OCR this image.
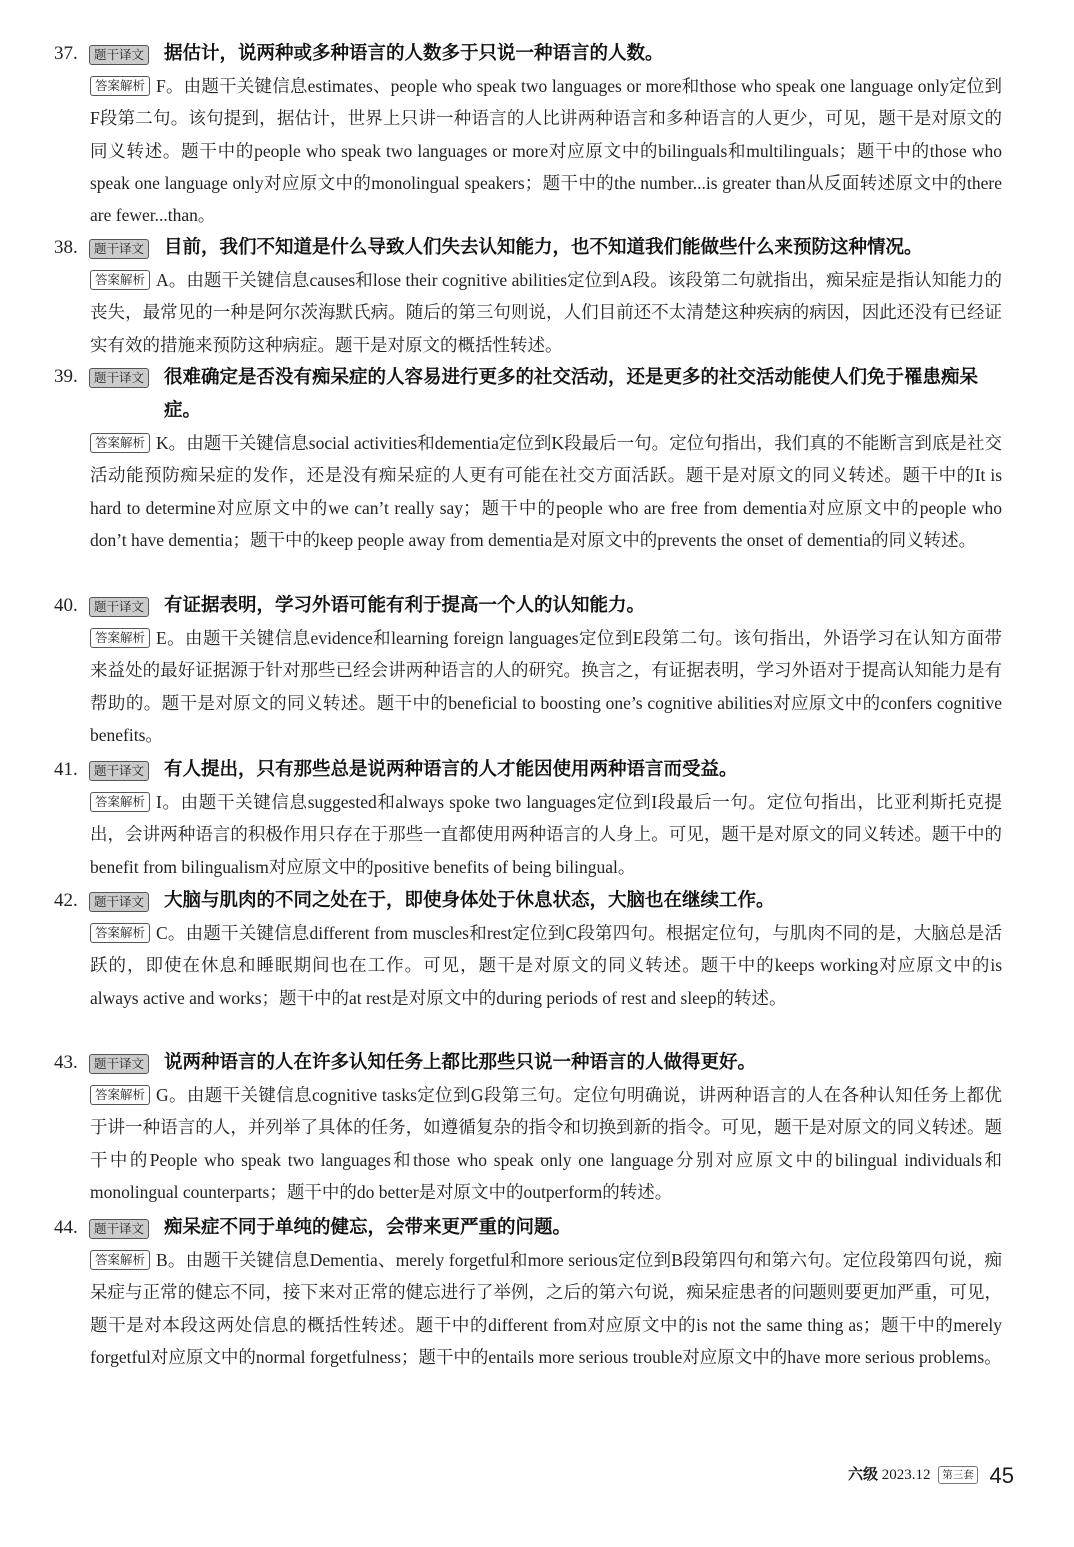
37.	题干译文 据估计，说两种或多种语言的人数多于只说一种语言的人数。
答案解析 F。由题干关键信息estimates、people who speak two languages or more和those who speak one language only定位到F段第二句。该句提到，据估计，世界上只讲一种语言的人比讲两种语言和多种语言的人更少，可见，题干是对原文的同义转述。题干中的people who speak two languages or more对应原文中的bilinguals和multilinguals；题干中的those who speak one language only对应原文中的monolingual speakers；题干中的the number...is greater than从反面转述原文中的there are fewer...than。
38.	题干译文 目前，我们不知道是什么导致人们失去认知能力，也不知道我们能做些什么来预防这种情况。
答案解析 A。由题干关键信息causes和lose their cognitive abilities定位到A段。该段第二句就指出，痴呆症是指认知能力的丧失，最常见的一种是阿尔茨海默氏病。随后的第三句则说，人们目前还不太清楚这种疾病的病因，因此还没有已经证实有效的措施来预防这种病症。题干是对原文的概括性转述。
39.	题干译文 很难确定是否没有痴呆症的人容易进行更多的社交活动，还是更多的社交活动能使人们免于罹患痴呆症。
答案解析 K。由题干关键信息social activities和dementia定位到K段最后一句。定位句指出，我们真的不能断言到底是社交活动能预防痴呆症的发作，还是没有痴呆症的人更有可能在社交方面活跃。题干是对原文的同义转述。题干中的It is hard to determine对应原文中的we can’t really say；题干中的people who are free from dementia对应原文中的people who don’t have dementia；题干中的keep people away from dementia是对原文中的prevents the onset of dementia的同义转述。
40.	题干译文 有证据表明，学习外语可能有利于提高一个人的认知能力。
答案解析 E。由题干关键信息evidence和learning foreign languages定位到E段第二句。该句指出，外语学习在认知方面带来益处的最好证据源于针对那些已经会讲两种语言的人的研究。换言之，有证据表明，学习外语对于提高认知能力是有帮助的。题干是对原文的同义转述。题干中的beneficial to boosting one’s cognitive abilities对应原文中的confers cognitive benefits。
41.	题干译文 有人提出，只有那些总是说两种语言的人才能因使用两种语言而受益。
答案解析 I。由题干关键信息suggested和always spoke two languages定位到I段最后一句。定位句指出，比亚利斯托克提出，会讲两种语言的积极作用只存在于那些一直都使用两种语言的人身上。可见，题干是对原文的同义转述。题干中的benefit from bilingualism对应原文中的positive benefits of being bilingual。
42.	题干译文 大脑与肌肉的不同之处在于，即使身体处于休息状态，大脑也在继续工作。
答案解析 C。由题干关键信息different from muscles和rest定位到C段第四句。根据定位句，与肌肉不同的是，大脑总是活跃的，即使在休息和睡眠期间也在工作。可见，题干是对原文的同义转述。题干中的keeps working对应原文中的is always active and works；题干中的at rest是对原文中的during periods of rest and sleep的转述。
43.	题干译文 说两种语言的人在许多认知任务上都比那些只说一种语言的人做得更好。
答案解析 G。由题干关键信息cognitive tasks定位到G段第三句。定位句明确说，讲两种语言的人在各种认知任务上都优于讲一种语言的人，并列举了具体的任务，如遵循复杂的指令和切换到新的指令。可见，题干是对原文的同义转述。题干中的People who speak two languages和those who speak only one language分别对应原文中的bilingual individuals和monolingual counterparts；题干中的do better是对原文中的outperform的转述。
44.	题干译文 痴呆症不同于单纯的健忘，会带来更严重的问题。
答案解析 B。由题干关键信息Dementia、merely forgetful和more serious定位到B段第四句和第六句。定位段第四句说，痴呆症与正常的健忘不同，接下来对正常的健忘进行了举例，之后的第六句说，痴呆症患者的问题则要更加严重，可见，题干是对本段这两处信息的概括性转述。题干中的different from对应原文中的is not the same thing as；题干中的merely forgetful对应原文中的normal forgetfulness；题干中的entails more serious trouble对应原文中的have more serious problems。
六级 2023.12 第三套 45
